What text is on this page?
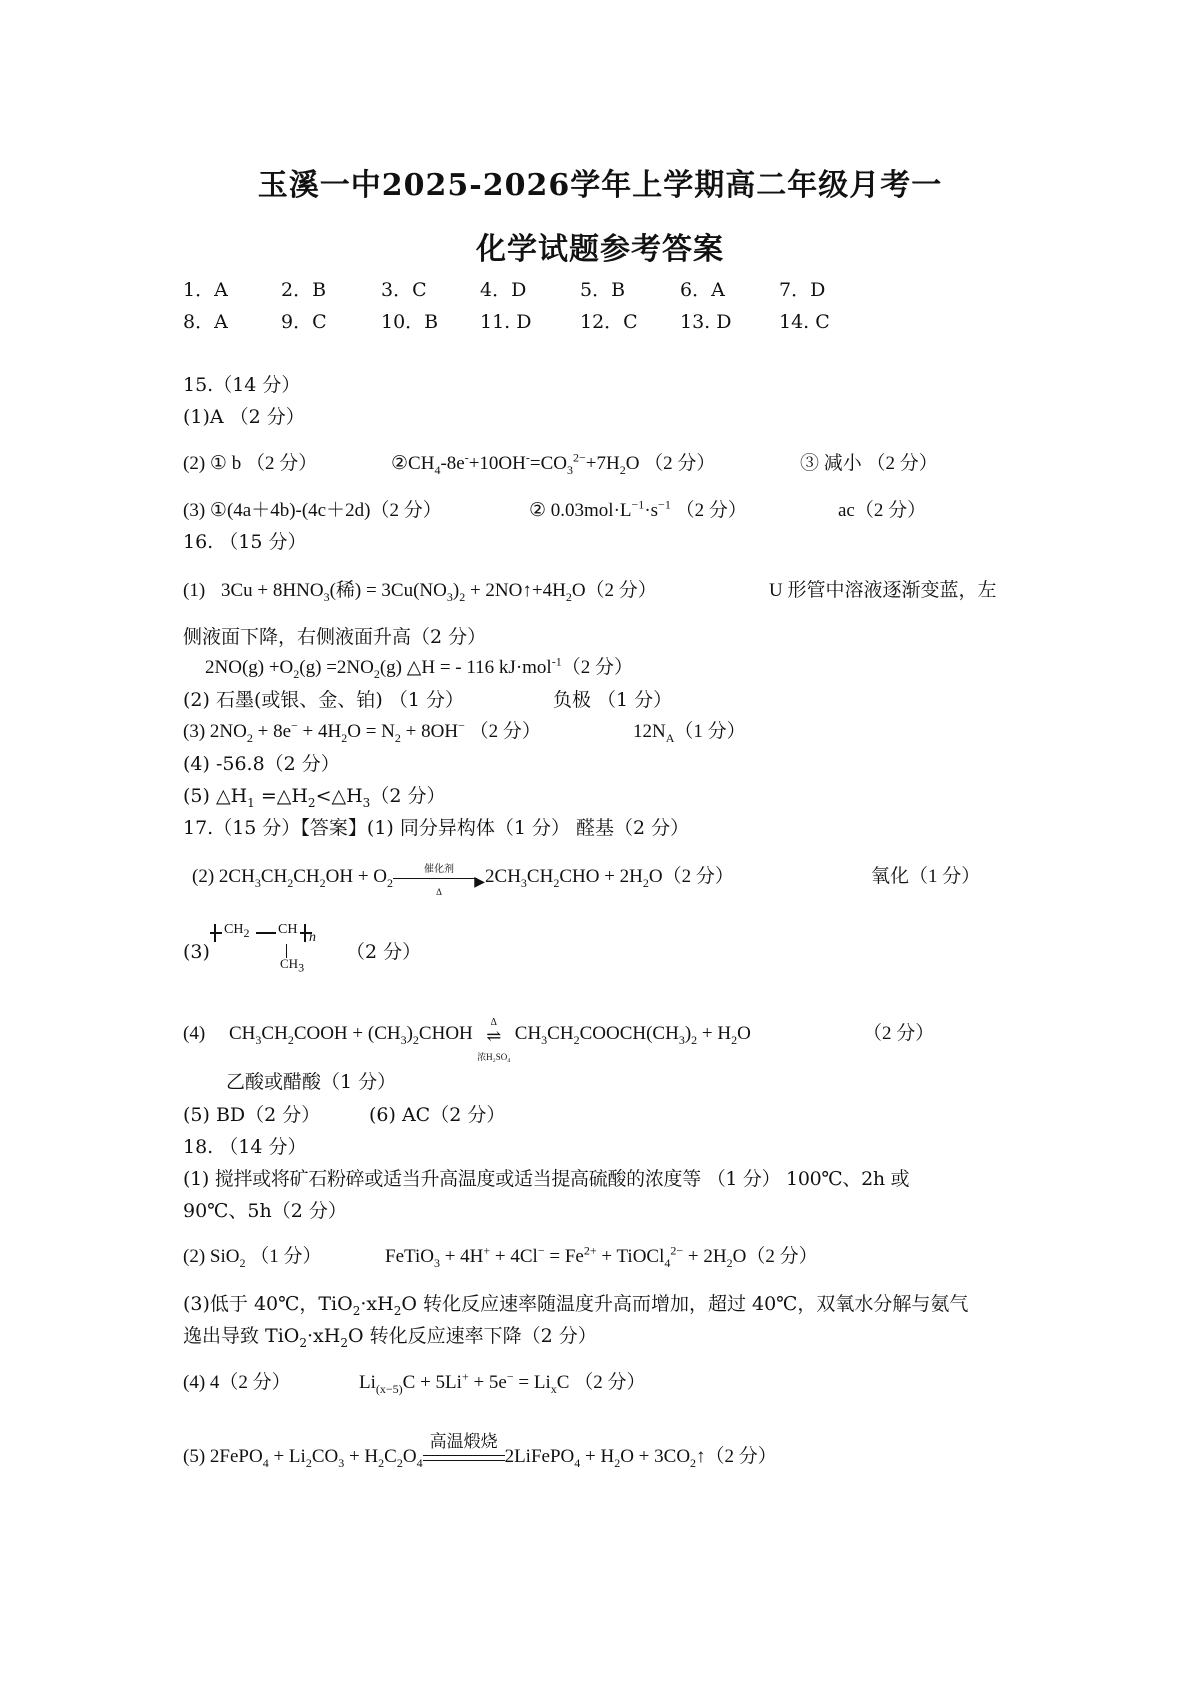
玉溪一中2025-2026学年上学期高二年级月考一
化学试题参考答案
1．A	2．B	3．C	4．D	5．B	6．A	7．D
8．A	9．C	10．B 11. D	12．C 13. D	14. C
15.（14 分）
(1)A （2 分）
(2) ① b （2 分）	$②CH_4-8e^-+10OH^-=CO_3^{2-}+7H_2O$ （2 分）	③ 减小 （2 分）
(3) ①(4a＋4b)-(4c＋2d)（2 分）	② $0.03mol\cdot L^{-1}\cdot s^{-1}$ （2 分）	ac（2 分）
16. （15 分）
(1) $3Cu + 8HNO_3$(稀) = $3Cu(NO_3)_2$ + $2NO↑+4H_2O(2$ 分）	U 形管中溶液逐渐变蓝，左
侧液面下降，右侧液面升高（2 分）
$2NO(g) +O_2(g) =2NO_2(g)$ △H = - 116 kJ·mol$^{-1}$（2 分）
(2) 石墨(或银、金、铂) （1 分）	负极 （1 分）
(3) $2NO_2 + 8e^- + 4H_2O = N_2 + 8OH^-$ （2 分）	$12N_A(1$ 分）
(4) -56.8（2 分）
(5) $\triangle H_1$ $=\triangle H_2<\triangle H_3(2$ 分）
17.（15 分）【答案】(1) 同分异构体（1 分） 醛基（2 分）
(2) $2CH_3CH_2CH_2OH + O_2$
催化剂
▶
Δ
$2CH_3CH_2CHO + 2H_2O(2$ 分）	氧化（1 分）
(3)
$CH_2$ CH
n
$CH_3$
（2 分）
(4) $CH_3CH_2COOH$ + $(CH_3)_2CHOH$
Δ
⇌
浓H₂SO₄
$CH_3CH_2COOCH(CH_3)_2 + H_2O$	（2 分）
乙酸或醋酸（1 分）
(5) BD（2 分）	(6) AC（2 分）
18. （14 分）
(1) 搅拌或将矿石粉碎或适当升高温度或适当提高硫酸的浓度等 （1 分） 100℃、2h 或
90℃、5h（2 分）
(2) SiO$_2$ （1 分）	FeTiO$_3$ + $4H^+ + 4Cl^- = Fe^{2+}$ + TiOCl$_4^{2-}$ + $2H_2O(2$ 分）
(3)低于 40℃，$TiO_2\cdot xH_2O$ 转化反应速率随温度升高而增加，超过 40℃，双氧水分解与氨气
逸出导致 $TiO_2\cdot xH_2O$ 转化反应速率下降（2 分）
(4) 4（2 分）	$Li_{(x-5)}C + 5Li^+ + 5e^- = Li_xC$ （2 分）
(5) 2FePO$_4$ + $Li_2CO_3 + H_2C_2O_4$
高温煅烧
2LiFePO$_4$ + $H_2O$ + $3CO_2↑(2$ 分）
